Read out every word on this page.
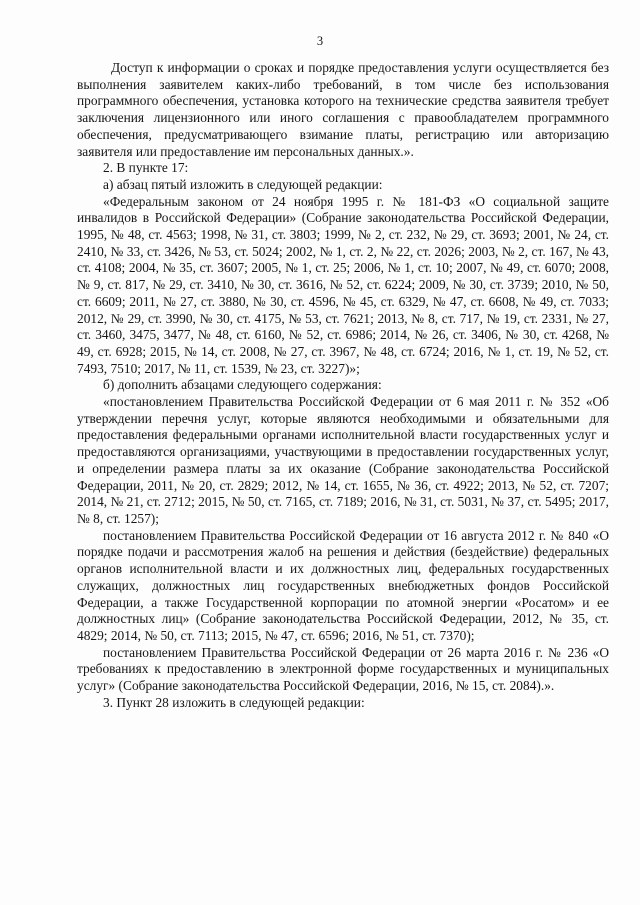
3

Доступ к информации о сроках и порядке предоставления услуги осуществляется без выполнения заявителем каких-либо требований, в том числе без использования программного обеспечения, установка которого на технические средства заявителя требует заключения лицензионного или иного соглашения с правообладателем программного обеспечения, предусматривающего взимание платы, регистрацию или авторизацию заявителя или предоставление им персональных данных.».

2. В пункте 17:

а) абзац пятый изложить в следующей редакции:

«Федеральным законом от 24 ноября 1995 г. № 181-ФЗ «О социальной защите инвалидов в Российской Федерации» (Собрание законодательства Российской Федерации, 1995, № 48, ст. 4563; 1998, № 31, ст. 3803; 1999, № 2, ст. 232, № 29, ст. 3693; 2001, № 24, ст. 2410, № 33, ст. 3426, № 53, ст. 5024; 2002, № 1, ст. 2, № 22, ст. 2026; 2003, № 2, ст. 167, № 43, ст. 4108; 2004, № 35, ст. 3607; 2005, № 1, ст. 25; 2006, № 1, ст. 10; 2007, № 49, ст. 6070; 2008, № 9, ст. 817, № 29, ст. 3410, № 30, ст. 3616, № 52, ст. 6224; 2009, № 30, ст. 3739; 2010, № 50, ст. 6609; 2011, № 27, ст. 3880, № 30, ст. 4596, № 45, ст. 6329, № 47, ст. 6608, № 49, ст. 7033; 2012, № 29, ст. 3990, № 30, ст. 4175, № 53, ст. 7621; 2013, № 8, ст. 717, № 19, ст. 2331, № 27, ст. 3460, 3475, 3477, № 48, ст. 6160, № 52, ст. 6986; 2014, № 26, ст. 3406, № 30, ст. 4268, № 49, ст. 6928; 2015, № 14, ст. 2008, № 27, ст. 3967, № 48, ст. 6724; 2016, № 1, ст. 19, № 52, ст. 7493, 7510; 2017, № 11, ст. 1539, № 23, ст. 3227)»;

б) дополнить абзацами следующего содержания:

«постановлением Правительства Российской Федерации от 6 мая 2011 г. № 352 «Об утверждении перечня услуг, которые являются необходимыми и обязательными для предоставления федеральными органами исполнительной власти государственных услуг и предоставляются организациями, участвующими в предоставлении государственных услуг, и определении размера платы за их оказание (Собрание законодательства Российской Федерации, 2011, № 20, ст. 2829; 2012, № 14, ст. 1655, № 36, ст. 4922; 2013, № 52, ст. 7207; 2014, № 21, ст. 2712; 2015, № 50, ст. 7165, ст. 7189; 2016, № 31, ст. 5031, № 37, ст. 5495; 2017, № 8, ст. 1257);

постановлением Правительства Российской Федерации от 16 августа 2012 г. № 840 «О порядке подачи и рассмотрения жалоб на решения и действия (бездействие) федеральных органов исполнительной власти и их должностных лиц, федеральных государственных служащих, должностных лиц государственных внебюджетных фондов Российской Федерации, а также Государственной корпорации по атомной энергии «Росатом» и ее должностных лиц» (Собрание законодательства Российской Федерации, 2012, № 35, ст. 4829; 2014, № 50, ст. 7113; 2015, № 47, ст. 6596; 2016, № 51, ст. 7370);

постановлением Правительства Российской Федерации от 26 марта 2016 г. № 236 «О требованиях к предоставлению в электронной форме государственных и муниципальных услуг» (Собрание законодательства Российской Федерации, 2016, № 15, ст. 2084).».

3. Пункт 28 изложить в следующей редакции:
